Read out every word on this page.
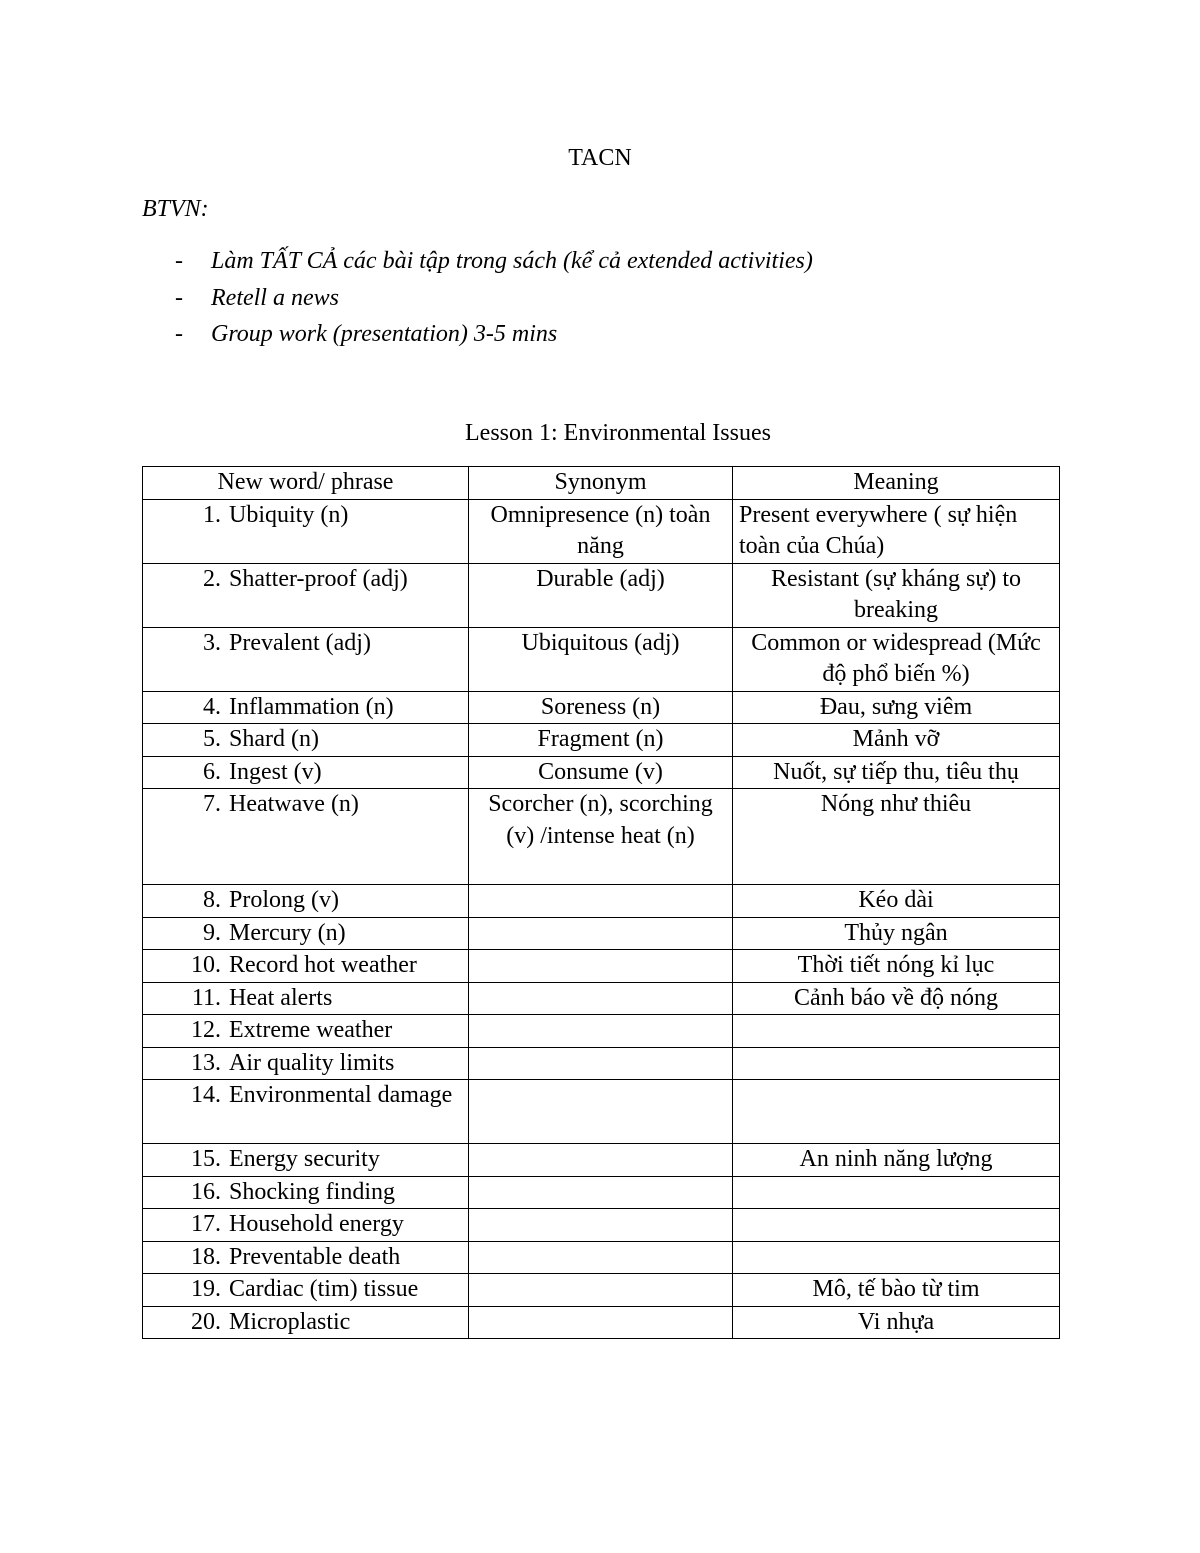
TACN
BTVN:
- Làm TẤT CẢ các bài tập trong sách (kể cả extended activities)
- Retell a news
- Group work (presentation) 3-5 mins
Lesson 1: Environmental Issues
New word/ phrase	Synonym	Meaning
1. Ubiquity (n)	Omnipresence (n) toàn năng	Present everywhere ( sự hiện toàn của Chúa)
2. Shatter-proof (adj)	Durable (adj)	Resistant (sự kháng sự) to breaking
3. Prevalent (adj)	Ubiquitous (adj)	Common or widespread (Mức độ phổ biến %)
4. Inflammation (n)	Soreness (n)	Đau, sưng viêm
5. Shard (n)	Fragment (n)	Mảnh vỡ
6. Ingest (v)	Consume (v)	Nuốt, sự tiếp thu, tiêu thụ
7. Heatwave (n)	Scorcher (n), scorching (v) /intense heat (n)	Nóng như thiêu
8. Prolong (v)		Kéo dài
9. Mercury (n)		Thủy ngân
10. Record hot weather		Thời tiết nóng kỉ lục
11. Heat alerts		Cảnh báo về độ nóng
12. Extreme weather		
13. Air quality limits		
14. Environmental damage		
15. Energy security		An ninh năng lượng
16. Shocking finding		
17. Household energy		
18. Preventable death		
19. Cardiac (tim) tissue		Mô, tế bào từ tim
20. Microplastic		Vi nhựa
